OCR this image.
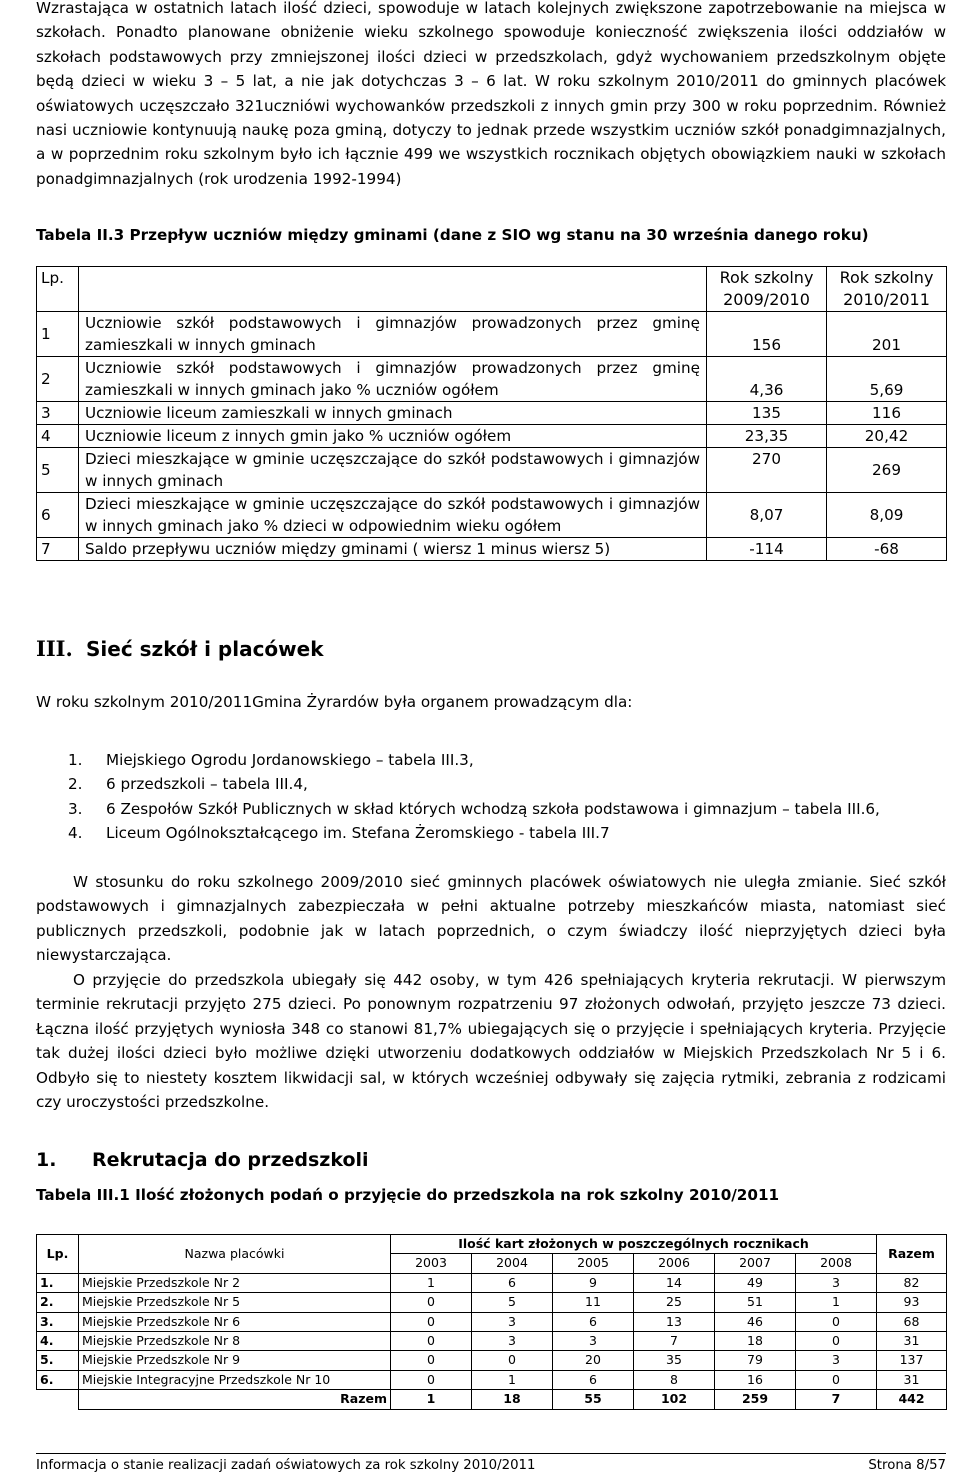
Wzrastająca w ostatnich latach ilość dzieci, spowoduje w latach kolejnych zwiększone zapotrzebowanie na miejsca w szkołach. Ponadto planowane obniżenie wieku szkolnego spowoduje konieczność zwiększenia ilości oddziałów w szkołach podstawowych przy zmniejszonej ilości dzieci w przedszkolach, gdyż wychowaniem przedszkolnym objęte będą dzieci w wieku 3 – 5 lat, a nie jak dotychczas 3 – 6 lat. W roku szkolnym 2010/2011 do gminnych placówek oświatowych uczęszczało 321uczniówi wychowanków przedszkoli z innych gmin przy 300 w roku poprzednim. Również nasi uczniowie kontynuują naukę poza gminą, dotyczy to jednak przede wszystkim uczniów szkół ponadgimnazjalnych, a w poprzednim roku szkolnym było ich łącznie 499 we wszystkich rocznikach objętych obowiązkiem nauki w szkołach ponadgimnazjalnych (rok urodzenia 1992-1994)

Tabela II.3 Przepływ uczniów między gminami (dane z SIO wg stanu na 30 września danego roku)

Lp.		Rok szkolny 2009/2010	Rok szkolny 2010/2011
1	Uczniowie szkół podstawowych i gimnazjów prowadzonych przez gminę zamieszkali w innych gminach	156	201
2	Uczniowie szkół podstawowych i gimnazjów prowadzonych przez gminę zamieszkali w innych gminach jako % uczniów ogółem	4,36	5,69
3	Uczniowie liceum zamieszkali w innych gminach	135	116
4	Uczniowie liceum z innych gmin jako % uczniów ogółem	23,35	20,42
5	Dzieci mieszkające w gminie uczęszczające do szkół podstawowych i gimnazjów w innych gminach	270	269
6	Dzieci mieszkające w gminie uczęszczające do szkół podstawowych i gimnazjów w innych gminach jako % dzieci w odpowiednim wieku ogółem	8,07	8,09
7	Saldo przepływu uczniów między gminami ( wiersz 1 minus wiersz 5)	-114	-68
III. Sieć szkół i placówek

W roku szkolnym 2010/2011Gmina Żyrardów była organem prowadzącym dla:

1. Miejskiego Ogrodu Jordanowskiego – tabela III.3,
2. 6 przedszkoli – tabela III.4,
3. 6 Zespołów Szkół Publicznych w skład których wchodzą szkoła podstawowa i gimnazjum – tabela III.6,
4. Liceum Ogólnokształcącego im. Stefana Żeromskiego - tabela III.7

W stosunku do roku szkolnego 2009/2010 sieć gminnych placówek oświatowych nie uległa zmianie. Sieć szkół podstawowych i gimnazjalnych zabezpieczała w pełni aktualne potrzeby mieszkańców miasta, natomiast sieć publicznych przedszkoli, podobnie jak w latach poprzednich, o czym świadczy ilość nieprzyjętych dzieci była niewystarczająca.

O przyjęcie do przedszkola ubiegały się 442 osoby, w tym 426 spełniających kryteria rekrutacji. W pierwszym terminie rekrutacji przyjęto 275 dzieci. Po ponownym rozpatrzeniu 97 złożonych odwołań, przyjęto jeszcze 73 dzieci. Łączna ilość przyjętych wyniosła 348 co stanowi 81,7% ubiegających się o przyjęcie i spełniających kryteria. Przyjęcie tak dużej ilości dzieci było możliwe dzięki utworzeniu dodatkowych oddziałów w Miejskich Przedszkolach Nr 5 i 6. Odbyło się to niestety kosztem likwidacji sal, w których wcześniej odbywały się zajęcia rytmiki, zebrania z rodzicami czy uroczystości przedszkolne.

1. Rekrutacja do przedszkoli

Tabela III.1 Ilość złożonych podań o przyjęcie do przedszkola na rok szkolny 2010/2011

Lp.	Nazwa placówki	Ilość kart złożonych w poszczególnych rocznikach						Razem
		2003	2004	2005	2006	2007	2008	
1.	Miejskie Przedszkole Nr 2	1	6	9	14	49	3	82
2.	Miejskie Przedszkole Nr 5	0	5	11	25	51	1	93
3.	Miejskie Przedszkole Nr 6	0	3	6	13	46	0	68
4.	Miejskie Przedszkole Nr 8	0	3	3	7	18	0	31
5.	Miejskie Przedszkole Nr 9	0	0	20	35	79	3	137
6.	Miejskie Integracyjne Przedszkole Nr 10	0	1	6	8	16	0	31
	Razem	1	18	55	102	259	7	442
Informacja o stanie realizacji zadań oświatowych za rok szkolny 2010/2011	Strona 8/57
